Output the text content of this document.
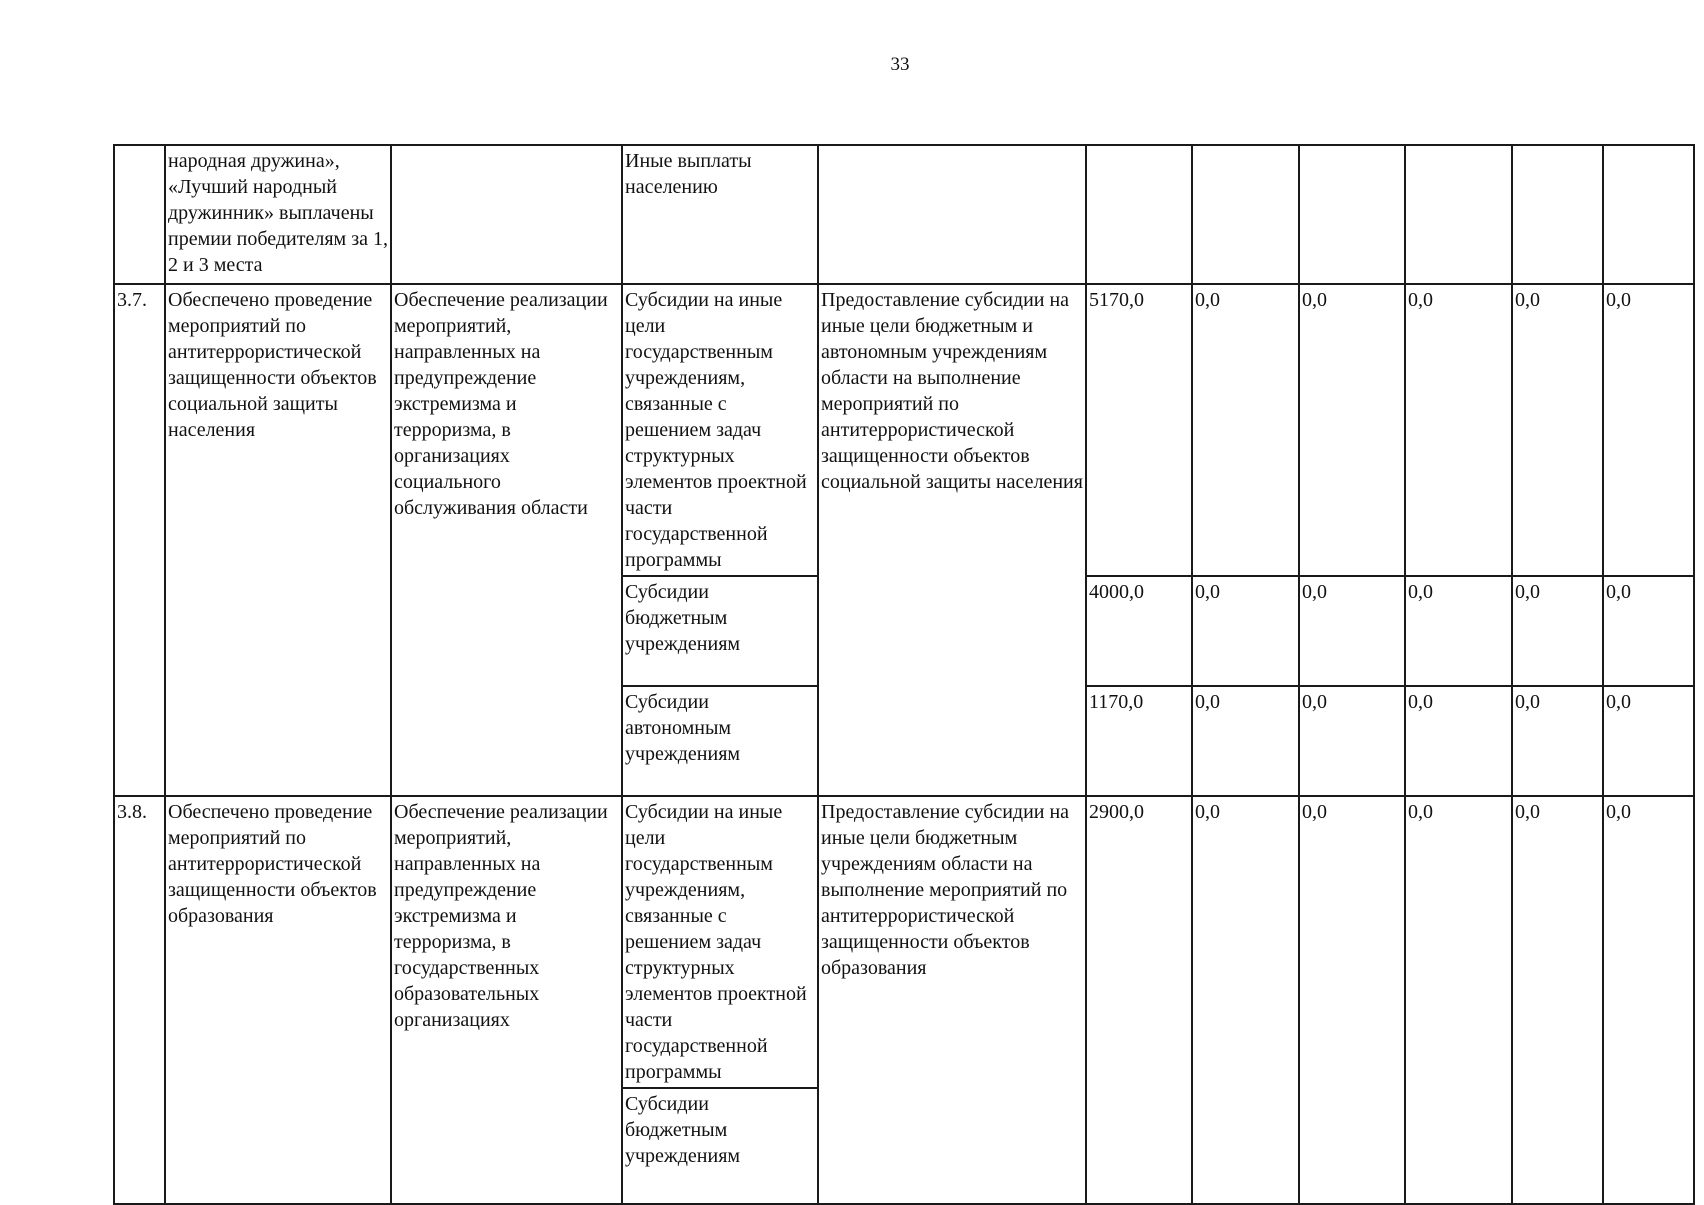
33
	народная дружина», «Лучший народный дружинник» выплачены премии победителям за 1, 2 и 3 места		Иные выплаты населению							
3.7.	Обеспечено проведение мероприятий по антитеррористической защищенности объектов социальной защиты населения	Обеспечение реализации мероприятий, направленных на предупреждение экстремизма и терроризма, в организациях социального обслуживания области	Субсидии на иные цели государственным учреждениям, связанные с решением задач структурных элементов проектной части государственной программы	Предоставление субсидии на иные цели бюджетным и автономным учреждениям области на выполнение мероприятий по антитеррористической защищенности объектов социальной защиты населения	5170,0	0,0	0,0	0,0	0,0	0,0
			Субсидии бюджетным учреждениям		4000,0	0,0	0,0	0,0	0,0	0,0
			Субсидии автономным учреждениям		1170,0	0,0	0,0	0,0	0,0	0,0
3.8.	Обеспечено проведение мероприятий по антитеррористической защищенности объектов образования	Обеспечение реализации мероприятий, направленных на предупреждение экстремизма и терроризма, в государственных образовательных организациях	Субсидии на иные цели государственным учреждениям, связанные с решением задач структурных элементов проектной части государственной программы	Предоставление субсидии на иные цели бюджетным учреждениям области на выполнение мероприятий по антитеррористической защищенности объектов образования	2900,0	0,0	0,0	0,0	0,0	0,0
			Субсидии бюджетным учреждениям							
